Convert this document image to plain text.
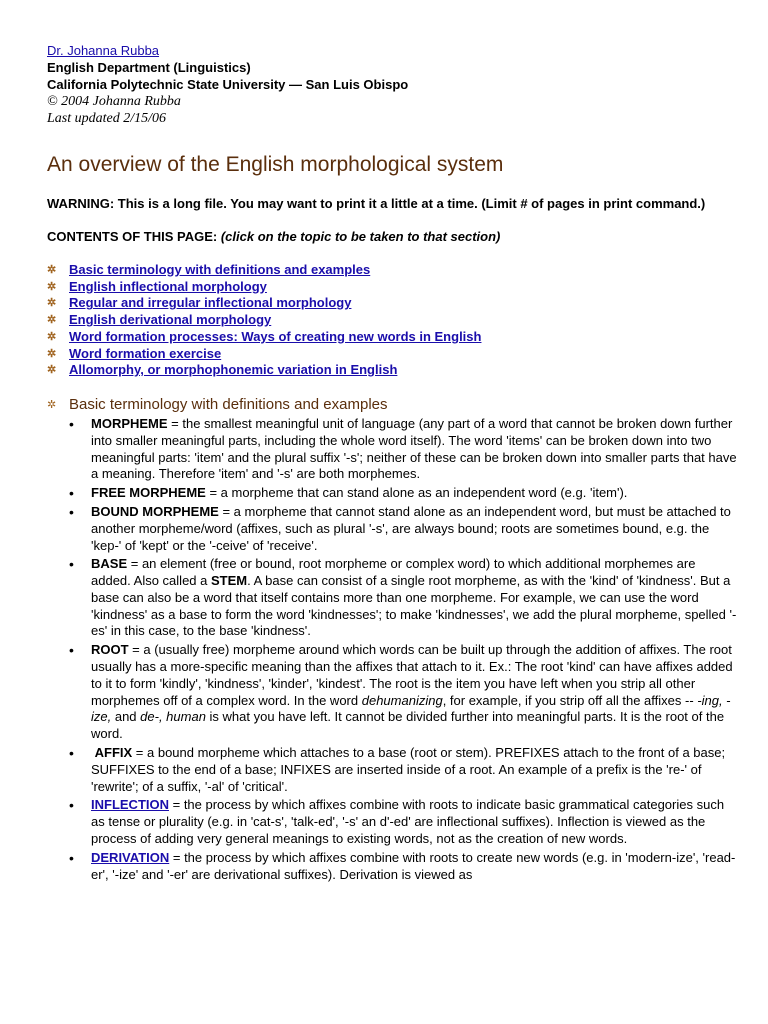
Dr. Johanna Rubba
English Department (Linguistics)
California Polytechnic State University — San Luis Obispo
© 2004 Johanna Rubba
Last updated 2/15/06
An overview of the English morphological system
WARNING: This is a long file. You may want to print it a little at a time. (Limit # of pages in print command.)
CONTENTS OF THIS PAGE: (click on the topic to be taken to that section)
✲ Basic terminology with definitions and examples
✲ English inflectional morphology
✲ Regular and irregular inflectional morphology
✲ English derivational morphology
✲ Word formation processes: Ways of creating new words in English
✲ Word formation exercise
✲ Allomorphy, or morphophonemic variation in English
✲ Basic terminology with definitions and examples
• MORPHEME = the smallest meaningful unit of language (any part of a word that cannot be broken down further into smaller meaningful parts, including the whole word itself). The word 'items' can be broken down into two meaningful parts: 'item' and the plural suffix '-s'; neither of these can be broken down into smaller parts that have a meaning. Therefore 'item' and '-s' are both morphemes.
• FREE MORPHEME = a morpheme that can stand alone as an independent word (e.g. 'item').
• BOUND MORPHEME = a morpheme that cannot stand alone as an independent word, but must be attached to another morpheme/word (affixes, such as plural '-s', are always bound; roots are sometimes bound, e.g. the 'kep-' of 'kept' or the '-ceive' of 'receive'.
• BASE = an element (free or bound, root morpheme or complex word) to which additional morphemes are added. Also called a STEM. A base can consist of a single root morpheme, as with the 'kind' of 'kindness'. But a base can also be a word that itself contains more than one morpheme. For example, we can use the word 'kindness' as a base to form the word 'kindnesses'; to make 'kindnesses', we add the plural morpheme, spelled '-es' in this case, to the base 'kindness'.
• ROOT = a (usually free) morpheme around which words can be built up through the addition of affixes. The root usually has a more-specific meaning than the affixes that attach to it. Ex.: The root 'kind' can have affixes added to it to form 'kindly', 'kindness', 'kinder', 'kindest'. The root is the item you have left when you strip all other morphemes off of a complex word. In the word dehumanizing, for example, if you strip off all the affixes -- -ing, -ize, and de-, human is what you have left. It cannot be divided further into meaningful parts. It is the root of the word.
• AFFIX = a bound morpheme which attaches to a base (root or stem). PREFIXES attach to the front of a base; SUFFIXES to the end of a base; INFIXES are inserted inside of a root. An example of a prefix is the 're-' of 'rewrite'; of a suffix, '-al' of 'critical'.
• INFLECTION = the process by which affixes combine with roots to indicate basic grammatical categories such as tense or plurality (e.g. in 'cat-s', 'talk-ed', '-s' an d'-ed' are inflectional suffixes). Inflection is viewed as the process of adding very general meanings to existing words, not as the creation of new words.
• DERIVATION = the process by which affixes combine with roots to create new words (e.g. in 'modern-ize', 'read-er', '-ize' and '-er' are derivational suffixes). Derivation is viewed as
